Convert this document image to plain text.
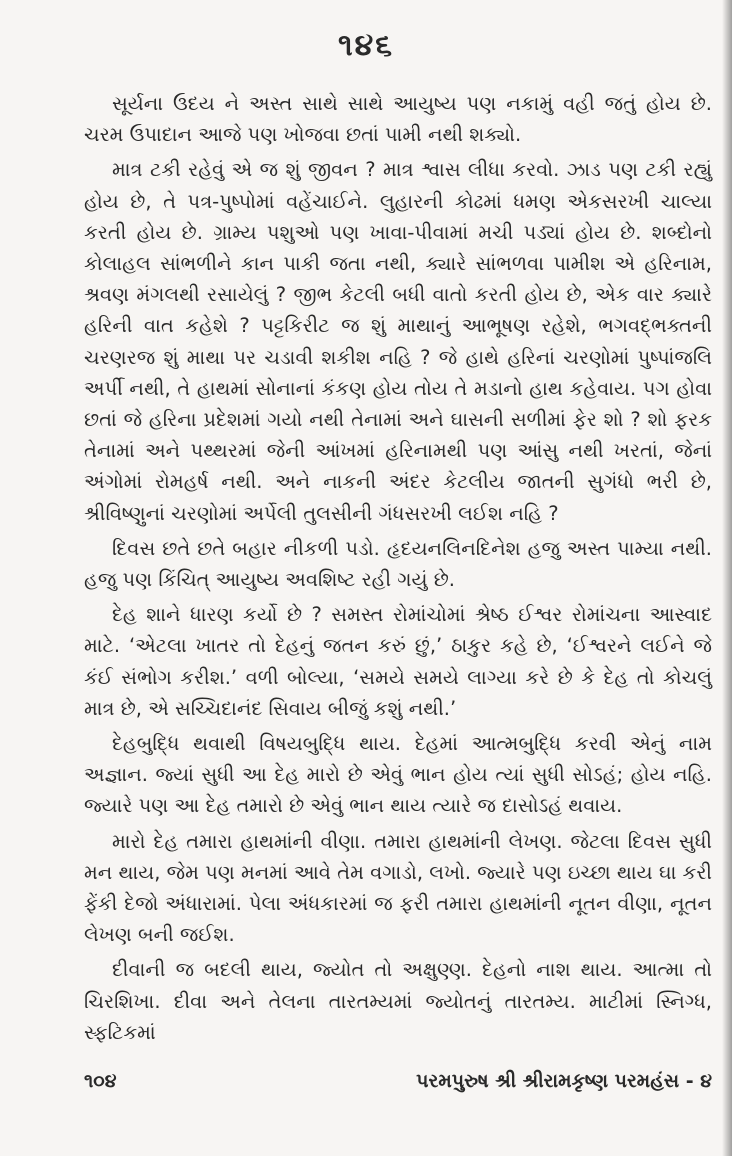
૧૪૬

સૂર્યના ઉદય ને અસ્ત સાથે સાથે આયુષ્ય પણ નકામું વહી જતું હોય છે. ચરમ ઉપાદાન આજે પણ ખોજવા છતાં પામી નથી શક્યો.

માત્ર ટકી રહેવું એ જ શું જીવન ? માત્ર શ્વાસ લીધા કરવો. ઝાડ પણ ટકી રહ્યું હોય છે, તે પત્ર-પુષ્પોમાં વહેંચાઈને. લુહારની કોઢમાં ધમણ એકસરખી ચાલ્યા કરતી હોય છે. ગ્રામ્ય પશુઓ પણ ખાવા-પીવામાં મચી પડ્યાં હોય છે. શબ્દોનો કોલાહલ સાંભળીને કાન પાકી જતા નથી, ક્યારે સાંભળવા પામીશ એ હરિનામ, શ્રવણ મંગલથી રસાયેલું ? જીભ કેટલી બધી વાતો કરતી હોય છે, એક વાર ક્યારે હરિની વાત કહેશે ? પટ્ટકિરીટ જ શું માથાનું આભૂષણ રહેશે, ભગવદ્ભક્તની ચરણરજ શું માથા પર ચડાવી શકીશ નહિ ? જે હાથે હરિનાં ચરણોમાં પુષ્પાંજલિ અર્પી નથી, તે હાથમાં સોનાનાં કંકણ હોય તોય તે મડાનો હાથ કહેવાય. પગ હોવા છતાં જે હરિના પ્રદેશમાં ગયો નથી તેનામાં અને ઘાસની સળીમાં ફેર શો ? શો ફરક તેનામાં અને પથ્થરમાં જેની આંખમાં હરિનામથી પણ આંસુ નથી ખરતાં, જેનાં અંગોમાં રોમહર્ષ નથી. અને નાકની અંદર કેટલીય જાતની સુગંધો ભરી છે, શ્રીવિષ્ણુનાં ચરણોમાં અર્પેલી તુલસીની ગંધસરખી લઈશ નહિ ?

દિવસ છતે છતે બહાર નીકળી પડો. હૃદયનલિનદિનેશ હજુ અસ્ત પામ્યા નથી. હજુ પણ કિંચિત્ આયુષ્ય અવશિષ્ટ રહી ગયું છે.

દેહ શાને ધારણ કર્યો છે ? સમસ્ત રોમાંચોમાં શ્રેષ્ઠ ઈશ્વર રોમાંચના આસ્વાદ માટે. ‘એટલા ખાતર તો દેહનું જતન કરું છું,’ ઠાકુર કહે છે, ‘ઈશ્વરને લઈને જે કંઈ સંભોગ કરીશ.’ વળી બોલ્યા, ‘સમયે સમયે લાગ્યા કરે છે કે દેહ તો કોચલું માત્ર છે, એ સચ્ચિદાનંદ સિવાય બીજું કશું નથી.’

દેહબુદ્ધિ થવાથી વિષયબુદ્ધિ થાય. દેહમાં આત્મબુદ્ધિ કરવી એનું નામ અજ્ઞાન. જ્યાં સુધી આ દેહ મારો છે એવું ભાન હોય ત્યાં સુધી સોઽહં; હોય નહિ. જ્યારે પણ આ દેહ તમારો છે એવું ભાન થાય ત્યારે જ દાસોઽહં થવાય.

મારો દેહ તમારા હાથમાંની વીણા. તમારા હાથમાંની લેખણ. જેટલા દિવસ સુધી મન થાય, જેમ પણ મનમાં આવે તેમ વગાડો, લખો. જ્યારે પણ ઇચ્છા થાય ઘા કરી ફેંકી દેજો અંધારામાં. પેલા અંધકારમાં જ ફરી તમારા હાથમાંની નૂતન વીણા, નૂતન લેખણ બની જઈશ.

દીવાની જ બદલી થાય, જ્યોત તો અક્ષુણ્ણ. દેહનો નાશ થાય. આત્મા તો ચિરશિખા. દીવા અને તેલના તારતમ્યમાં જ્યોતનું તારતમ્ય. માટીમાં સ્નિગ્ધ, સ્ફટિકમાં

૧૦૪	પરમપુરુષ શ્રી શ્રીરામકૃષ્ણ પરમહંસ - ૪
